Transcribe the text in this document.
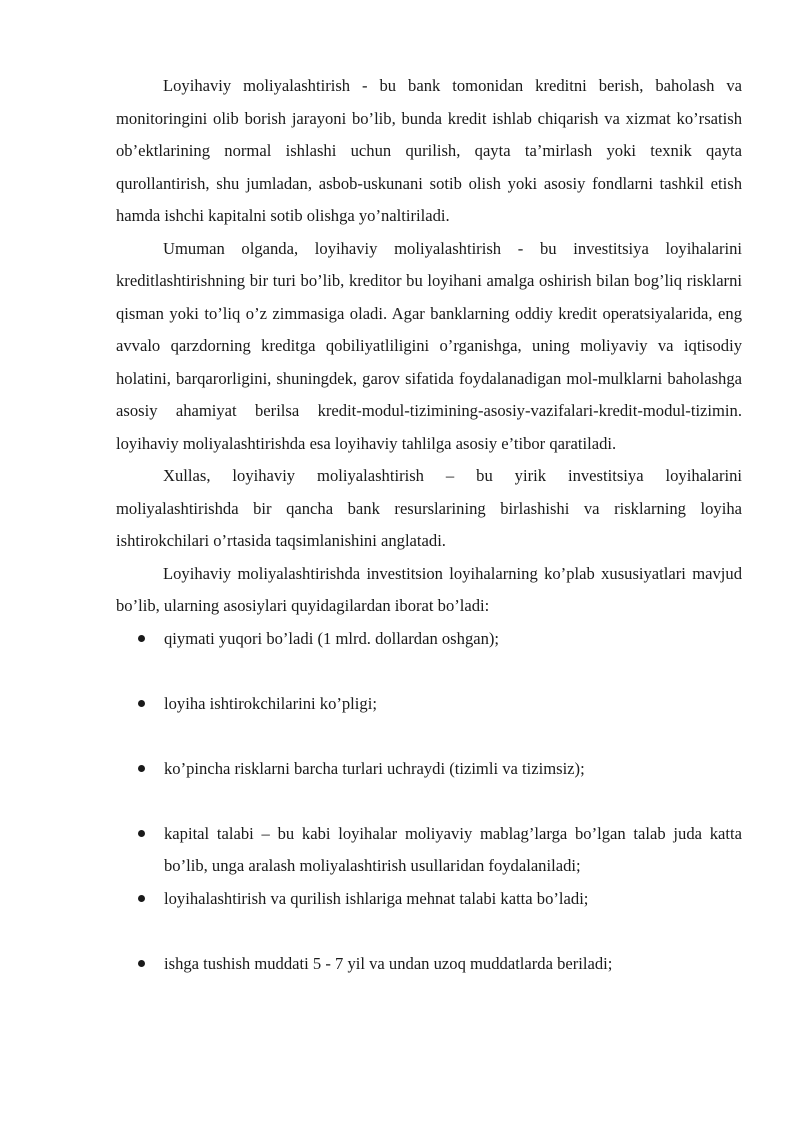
Loyihaviy moliyalashtirish - bu bank tomonidan kreditni berish, baholash va monitoringini olib borish jarayoni bo’lib, bunda kredit ishlab chiqarish va xizmat ko’rsatish ob’ektlarining normal ishlashi uchun qurilish, qayta ta’mirlash yoki texnik qayta qurollantirish, shu jumladan, asbob-uskunani sotib olish yoki asosiy fondlarni tashkil etish hamda ishchi kapitalni sotib olishga yo’naltiriladi.

Umuman olganda, loyihaviy moliyalashtirish - bu investitsiya loyihalarini kreditlashtirishning bir turi bo’lib, kreditor bu loyihani amalga oshirish bilan bog’liq risklarni qisman yoki to’liq o’z zimmasiga oladi. Agar banklarning oddiy kredit operatsiyalarida, eng avvalo qarzdorning kreditga qobiliyatliligini o’rganishga, uning moliyaviy va iqtisodiy holatini, barqarorligini, shuningdek, garov sifatida foydalanadigan mol-mulklarni baholashga asosiy ahamiyat berilsa kredit-modul-tizimining-asosiy-vazifalari-kredit-modul-tizimin. loyihaviy moliyalashtirishda esa loyihaviy tahlilga asosiy e’tibor qaratiladi.

Xullas, loyihaviy moliyalashtirish – bu yirik investitsiya loyihalarini moliyalashtirishda bir qancha bank resurslarining birlashishi va risklarning loyiha ishtirokchilari o’rtasida taqsimlanishini anglatadi.

Loyihaviy moliyalashtirishda investitsion loyihalarning ko’plab xususiyatlari mavjud bo’lib, ularning asosiylari quyidagilardan iborat bo’ladi:

qiymati yuqori bo’ladi (1 mlrd. dollardan oshgan);
loyiha ishtirokchilarini ko’pligi;
ko’pincha risklarni barcha turlari uchraydi (tizimli va tizimsiz);
kapital talabi – bu kabi loyihalar moliyaviy mablag’larga bo’lgan talab juda katta bo’lib, unga aralash moliyalashtirish usullaridan foydalaniladi;
loyihalashtirish va qurilish ishlariga mehnat talabi katta bo’ladi;
ishga tushish muddati 5 - 7 yil va undan uzoq muddatlarda beriladi;
